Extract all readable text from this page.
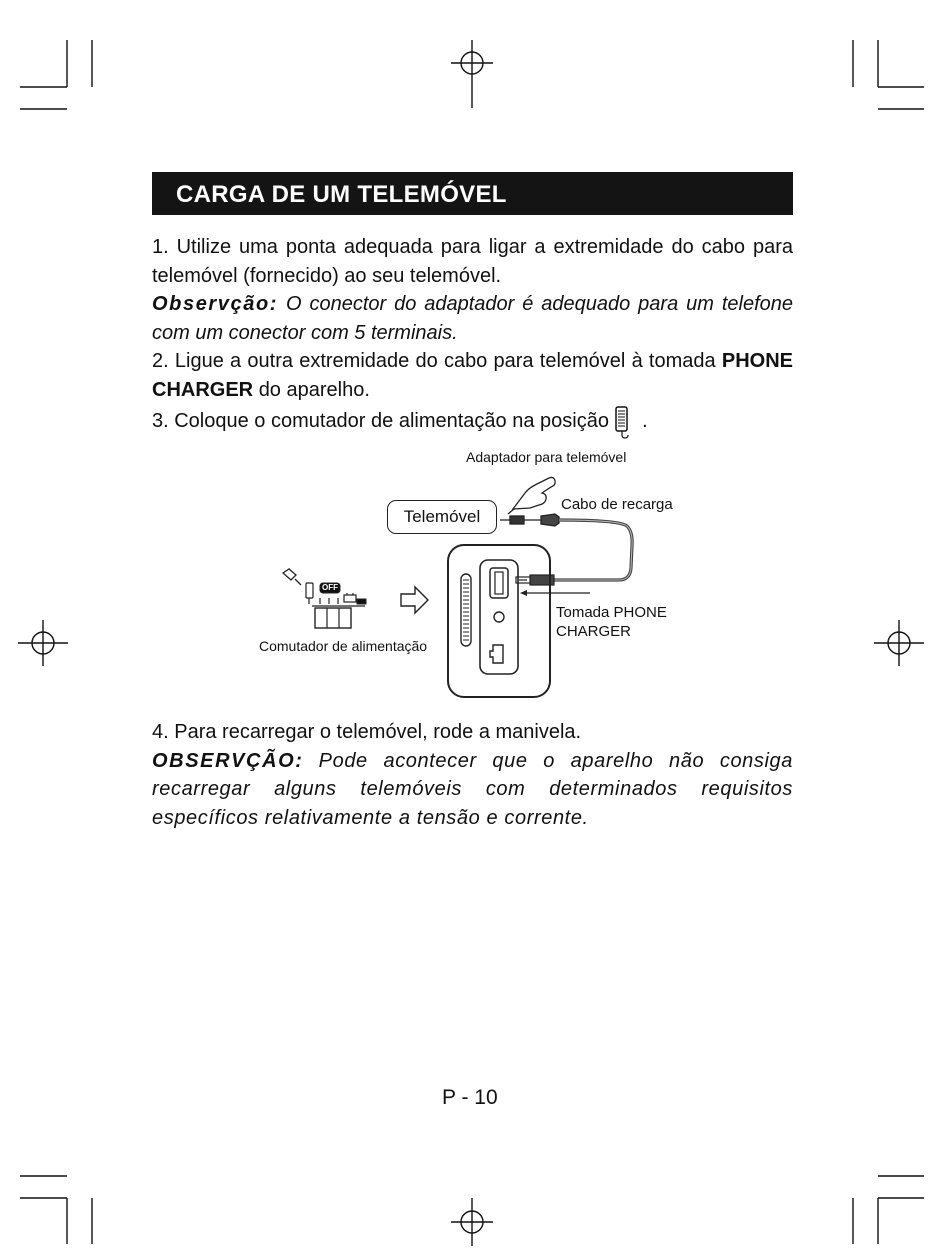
CARGA DE UM TELEMÓVEL

1. Utilize uma ponta adequada para ligar a extremidade do cabo para telemóvel (fornecido) ao seu telemóvel.

Observção: O conector do adaptador é adequado para um telefone com um conector com 5 terminais.

2. Ligue a outra extremidade do cabo para telemóvel à tomada PHONE CHARGER do aparelho.

3. Coloque o comutador de alimentação na posição .

Adaptador para telemóvel
Cabo de recarga
Telemóvel
Tomada PHONE
CHARGER
Comutador de alimentação
OFF

4. Para recarregar o telemóvel, rode a manivela.

OBSERVÇÃO: Pode acontecer que o aparelho não consiga recarregar alguns telemóveis com determinados requisitos específicos relativamente a tensão e corrente.

P - 10
